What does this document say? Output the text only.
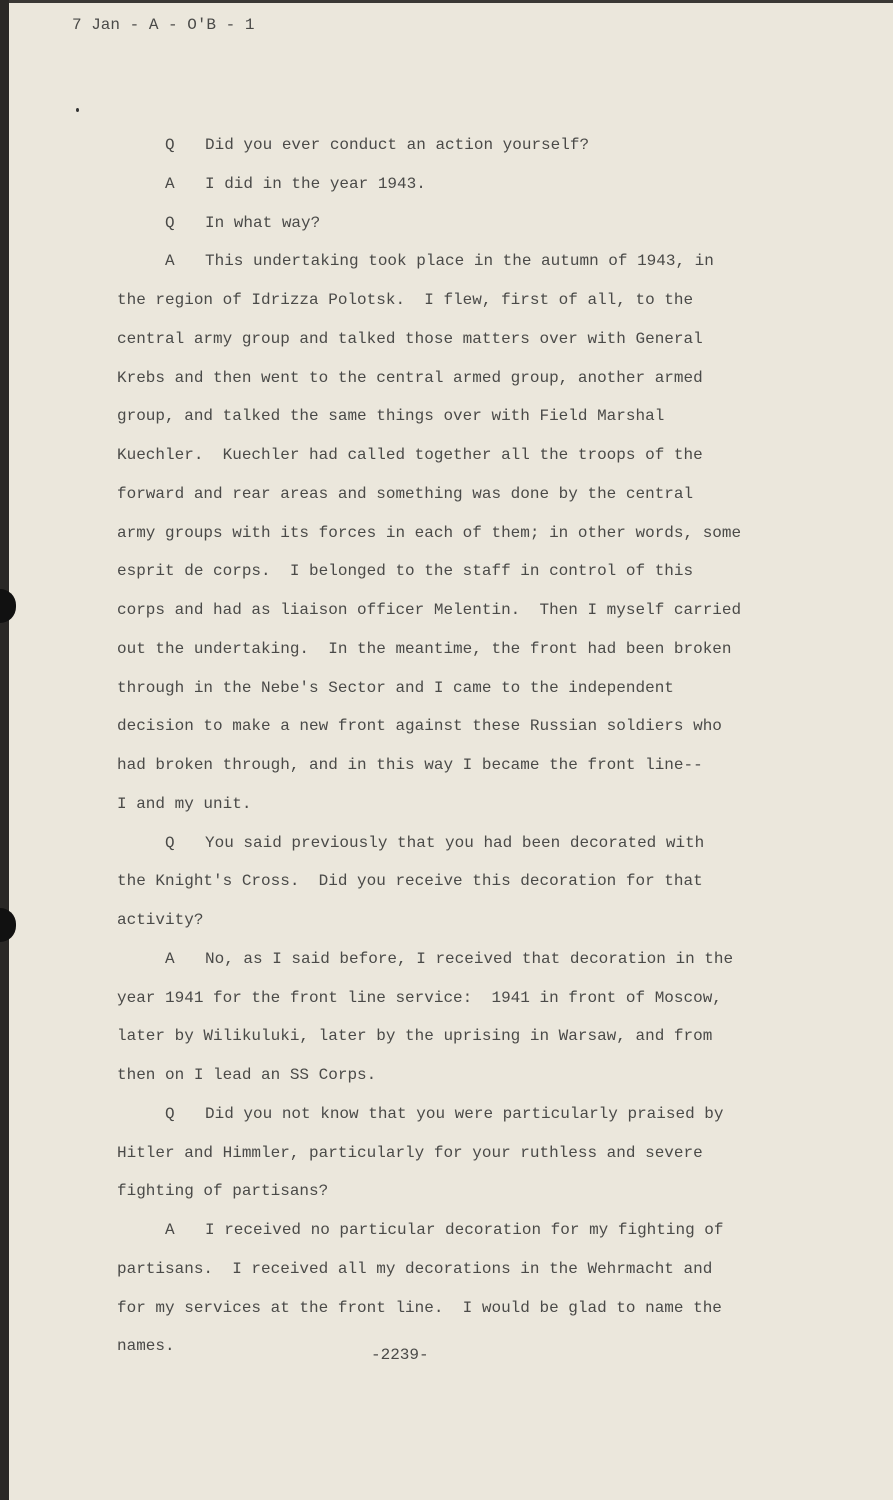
7 Jan - A - O'B - 1
Q Did you ever conduct an action yourself?
A I did in the year 1943.
Q In what way?
A This undertaking took place in the autumn of 1943, in
the region of Idrizza Polotsk.  I flew, first of all, to the
central army group and talked those matters over with General
Krebs and then went to the central armed group, another armed
group, and talked the same things over with Field Marshal
Kuechler.  Kuechler had called together all the troops of the
forward and rear areas and something was done by the central
army groups with its forces in each of them; in other words, some
esprit de corps.  I belonged to the staff in control of this
corps and had as liaison officer Melentin.  Then I myself carried
out the undertaking.  In the meantime, the front had been broken
through in the Nebe's Sector and I came to the independent
decision to make a new front against these Russian soldiers who
had broken through, and in this way I became the front line--
I and my unit.
Q You said previously that you had been decorated with
the Knight's Cross.  Did you receive this decoration for that
activity?
A No, as I said before, I received that decoration in the
year 1941 for the front line service:  1941 in front of Moscow,
later by Wilikuluki, later by the uprising in Warsaw, and from
then on I lead an SS Corps.
Q Did you not know that you were particularly praised by
Hitler and Himmler, particularly for your ruthless and severe
fighting of partisans?
A I received no particular decoration for my fighting of
partisans.  I received all my decorations in the Wehrmacht and
for my services at the front line.  I would be glad to name the
names.	-2239-
